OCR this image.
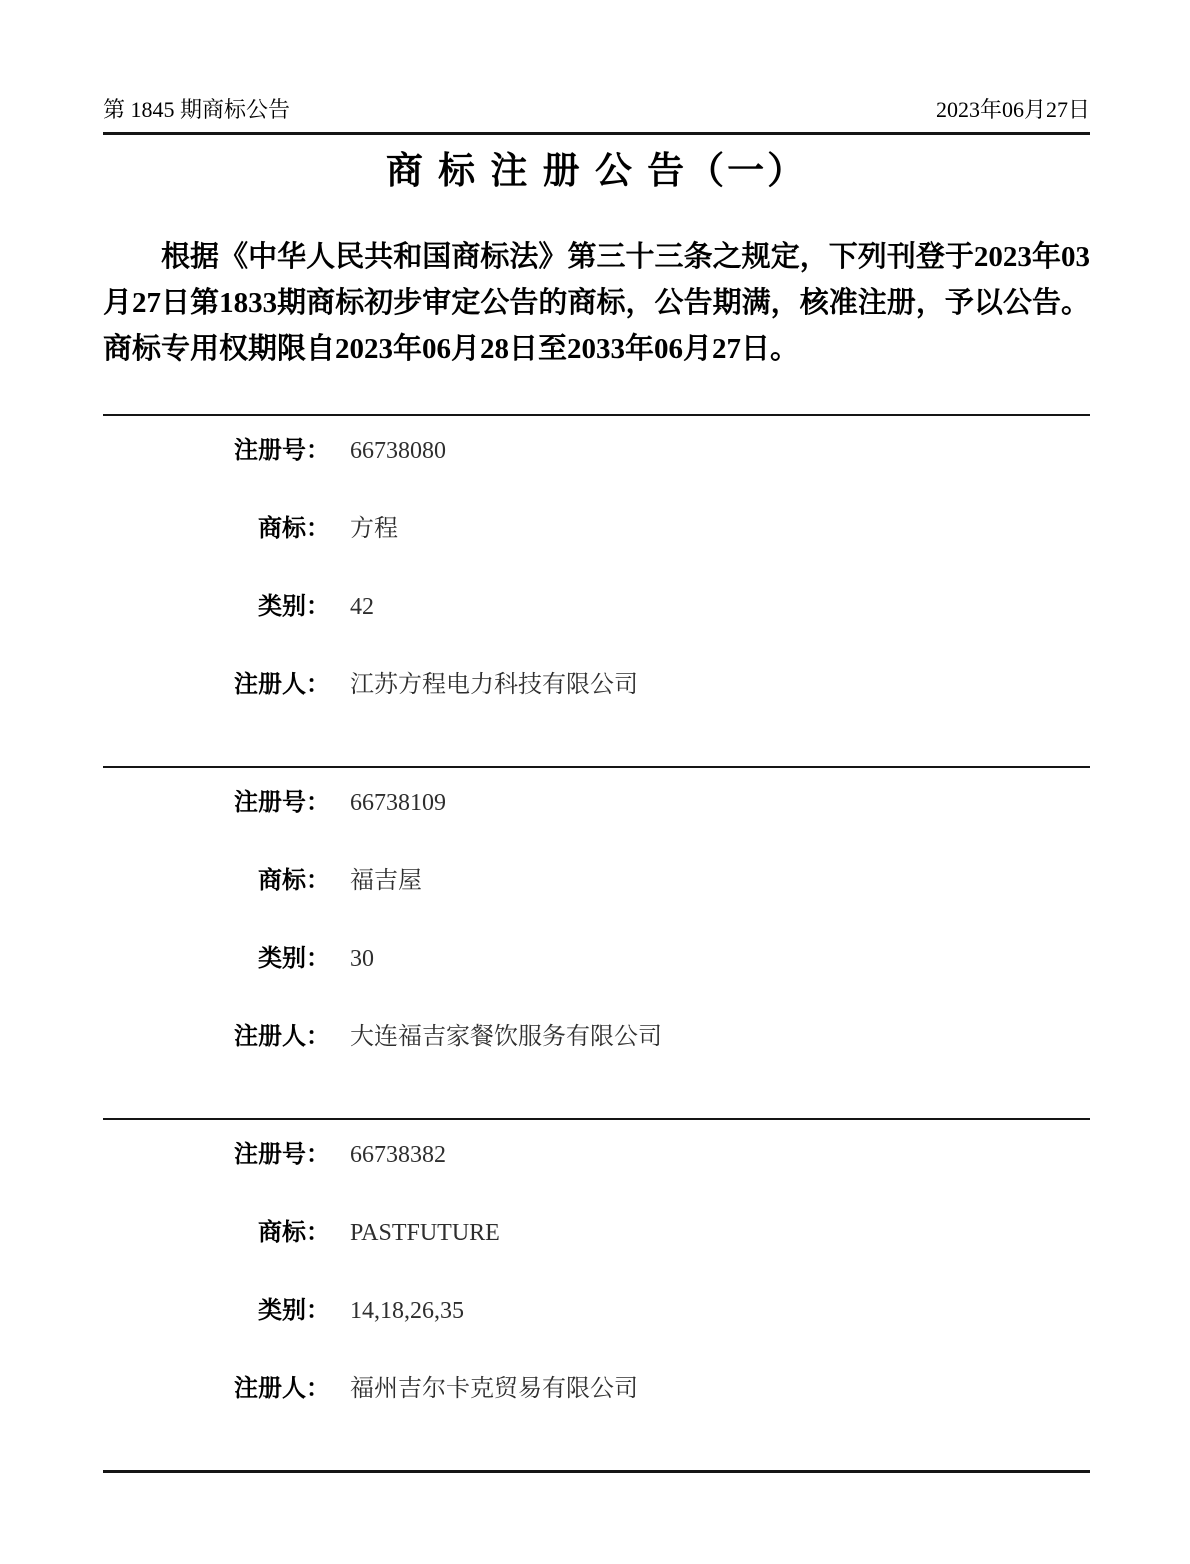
第 1845 期商标公告	2023年06月27日
商 标 注 册 公 告（一）

根据《中华人民共和国商标法》第三十三条之规定，下列刊登于2023年03月27日第1833期商标初步审定公告的商标，公告期满，核准注册，予以公告。商标专用权期限自2023年06月28日至2033年06月27日。

注册号： 66738080
商标： 方程
类别： 42
注册人： 江苏方程电力科技有限公司
注册号： 66738109
商标： 福吉屋
类别： 30
注册人： 大连福吉家餐饮服务有限公司
注册号： 66738382
商标： PASTFUTURE
类别： 14,18,26,35
注册人： 福州吉尔卡克贸易有限公司
